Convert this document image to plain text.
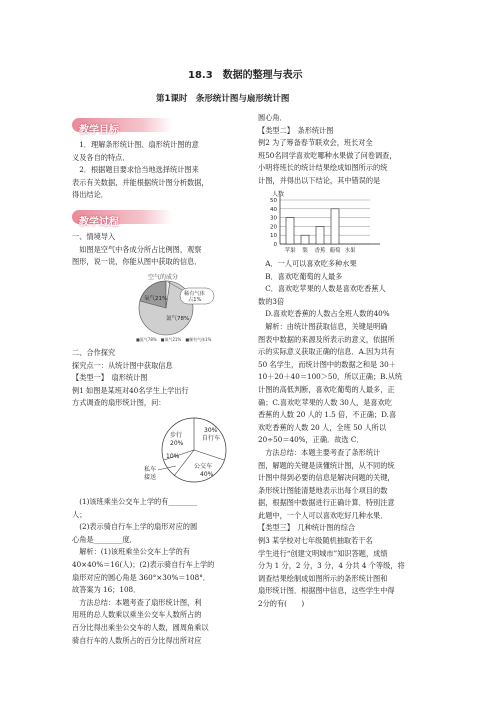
18.3　数据的整理与表示
第1课时　条形统计图与扇形统计图
教学目标
　1．理解条形统计图、扇形统计图的意
义及各自的特点．
　2．根据题目要求恰当地选择统计图来
表示有关数据，并能根据统计图分析数据，
得出结论．
教学过程
一、情境导入
　如图是空气中各成分所占比例图，观察
图形，说一说，你能从图中获取的信息．
空气的成分
稀有气体
占1%
氧气21%
氮气78%
■氮气78%　■氧气21%　■稀有气体1%
二、合作探究
探究点一：从统计图中获取信息
【类型一】　扇形统计图
例1 如图是某班对40名学生上学出行
方式调查的扇形统计图，问：
步行
20%
30%
自行车
公交车
40%
10%
私车
接送
　(1)该班乘坐公交车上学的有________
人；
　(2)表示骑自行车上学的扇形对应的圆
心角是________度．
　解析：(1)该班乘坐公交车上学的有
40×40%＝16(人)；(2)表示骑自行车上学的
扇形对应的圆心角是 360°×30%＝108°．
故答案为 16；108．
　方法总结：本题考查了扇形统计图，利
用班的总人数乘以乘坐公交车人数所占的
百分比得出乘坐公交车的人数，圆周角乘以
骑自行车的人数所占的百分比得出所对应
圆心角．
【类型二】　条形统计图
例2 为了筹备春节联欢会，班长对全
班50名同学喜欢吃哪种水果做了问卷调查，
小明将班长的统计结果绘成如图所示的统
计图，并得出以下结论，其中错误的是
人数
50
40
30
20
10
0
苹果 梨 香蕉 葡萄 水果
　A．一人可以喜欢吃多种水果
　B．喜欢吃葡萄的人最多
　C．喜欢吃苹果的人数是喜欢吃香蕉人
数的3倍
　D.喜欢吃香蕉的人数占全班人数的40%
　解析：由统计图获取信息，关键是明确
图表中数据的来源及所表示的意义，依据所
示的实际意义获取正确的信息．A.因为共有
50 名学生，而统计图中的数据之和是 30＋
10＋20＋40＝100＞50，所以正确；B.从统
计图的高低判断，喜欢吃葡萄的人最多，正
确；C.喜欢吃苹果的人数 30人，是喜欢吃
香蕉的人数 20 人的 1.5 倍，不正确；D.喜
欢吃香蕉的人数 20 人，全班 50 人所以
20÷50＝40%，正确．故选 C．
　方法总结：本题主要考查了条形统计
图，解题的关键是读懂统计图，从不同的统
计图中得到必要的信息是解决问题的关键，
条形统计图能清楚地表示出每个项目的数
据，根据图中数据进行正确计算．特别注意
此题中，一个人可以喜欢吃好几种水果．
【类型三】　几种统计图的综合
例3 某学校对七年级随机抽取若干名
学生进行“创建文明城市”知识答题，成绩
分为 1 分，2 分，3 分，4 分共 4 个等级，将
调查结果绘制成如图所示的条形统计图和
扇形统计图．根据图中信息，这些学生中得
2分的有(　　)
